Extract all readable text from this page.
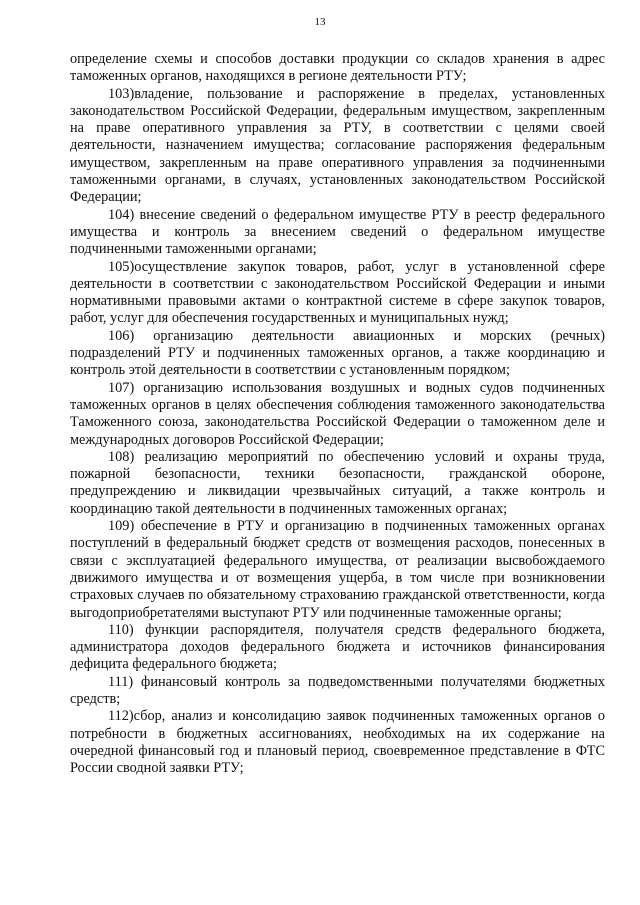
13

определение схемы и способов доставки продукции со складов хранения в адрес таможенных органов, находящихся в регионе деятельности РТУ;

103)владение, пользование и распоряжение в пределах, установленных законодательством Российской Федерации, федеральным имуществом, закрепленным на праве оперативного управления за РТУ, в соответствии с целями своей деятельности, назначением имущества; согласование распоряжения федеральным имуществом, закрепленным на праве оперативного управления за подчиненными таможенными органами, в случаях, установленных законодательством Российской Федерации;

104) внесение сведений о федеральном имуществе РТУ в реестр федерального имущества и контроль за внесением сведений о федеральном имуществе подчиненными таможенными органами;

105)осуществление закупок товаров, работ, услуг в установленной сфере деятельности в соответствии с законодательством Российской Федерации и иными нормативными правовыми актами о контрактной системе в сфере закупок товаров, работ, услуг для обеспечения государственных и муниципальных нужд;

106) организацию деятельности авиационных и морских (речных) подразделений РТУ и подчиненных таможенных органов, а также координацию и контроль этой деятельности в соответствии с установленным порядком;

107) организацию использования воздушных и водных судов подчиненных таможенных органов в целях обеспечения соблюдения таможенного законодательства Таможенного союза, законодательства Российской Федерации о таможенном деле и международных договоров Российской Федерации;

108) реализацию мероприятий по обеспечению условий и охраны труда, пожарной безопасности, техники безопасности, гражданской обороне, предупреждению и ликвидации чрезвычайных ситуаций, а также контроль и координацию такой деятельности в подчиненных таможенных органах;

109) обеспечение в РТУ и организацию в подчиненных таможенных органах поступлений в федеральный бюджет средств от возмещения расходов, понесенных в связи с эксплуатацией федерального имущества, от реализации высвобождаемого движимого имущества и от возмещения ущерба, в том числе при возникновении страховых случаев по обязательному страхованию гражданской ответственности, когда выгодоприобретателями выступают РТУ или подчиненные таможенные органы;

110) функции распорядителя, получателя средств федерального бюджета, администратора доходов федерального бюджета и источников финансирования дефицита федерального бюджета;

111) финансовый контроль за подведомственными получателями бюджетных средств;

112)сбор, анализ и консолидацию заявок подчиненных таможенных органов о потребности в бюджетных ассигнованиях, необходимых на их содержание на очередной финансовый год и плановый период, своевременное представление в ФТС России сводной заявки РТУ;
